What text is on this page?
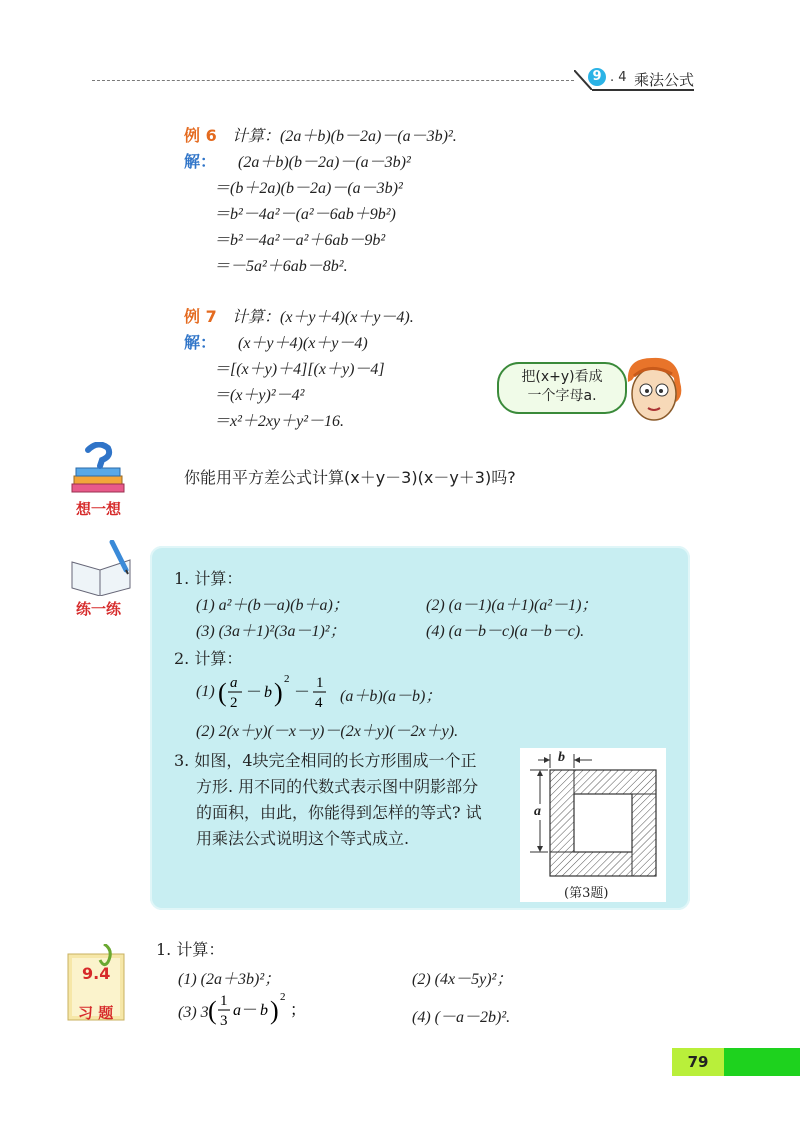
9 . 4 乘法公式
例 6 计算：(2a＋b)(b－2a)－(a－3b)².
解： (2a＋b)(b－2a)－(a－3b)²
＝(b＋2a)(b－2a)－(a－3b)²
＝b²－4a²－(a²－6ab＋9b²)
＝b²－4a²－a²＋6ab－9b²
＝－5a²＋6ab－8b².
例 7 计算：(x＋y＋4)(x＋y－4).
解： (x＋y＋4)(x＋y－4)
＝[(x＋y)＋4][(x＋y)－4]
＝(x＋y)²－4²
＝x²＋2xy＋y²－16.
把(x+y)看成
一个字母a.
想一想
你能用平方差公式计算(x＋y－3)(x－y＋3)吗?
练一练
1. 计算：
(1) a²＋(b－a)(b＋a)；	(2) (a－1)(a＋1)(a²－1)；
(3) (3a＋1)²(3a－1)²；	(4) (a－b－c)(a－b－c).
2. 计算：
(1) ( a
2
－ b ) 2
－
1
4 (a＋b)(a－b)；
(2) 2(x＋y)(－x－y)－(2x＋y)(－2x＋y).
3. 如图，4块完全相同的长方形围成一个正
方形. 用不同的代数式表示图中阴影部分
的面积，由此，你能得到怎样的等式? 试
用乘法公式说明这个等式成立.
b
a
(第3题)
9.4
习 题
1. 计算：
(1) (2a＋3b)²；	(2) (4x－5y)²；
(3) 3 ( 1
3
a － b ) 2
；	(4) (－a－2b)².
79
